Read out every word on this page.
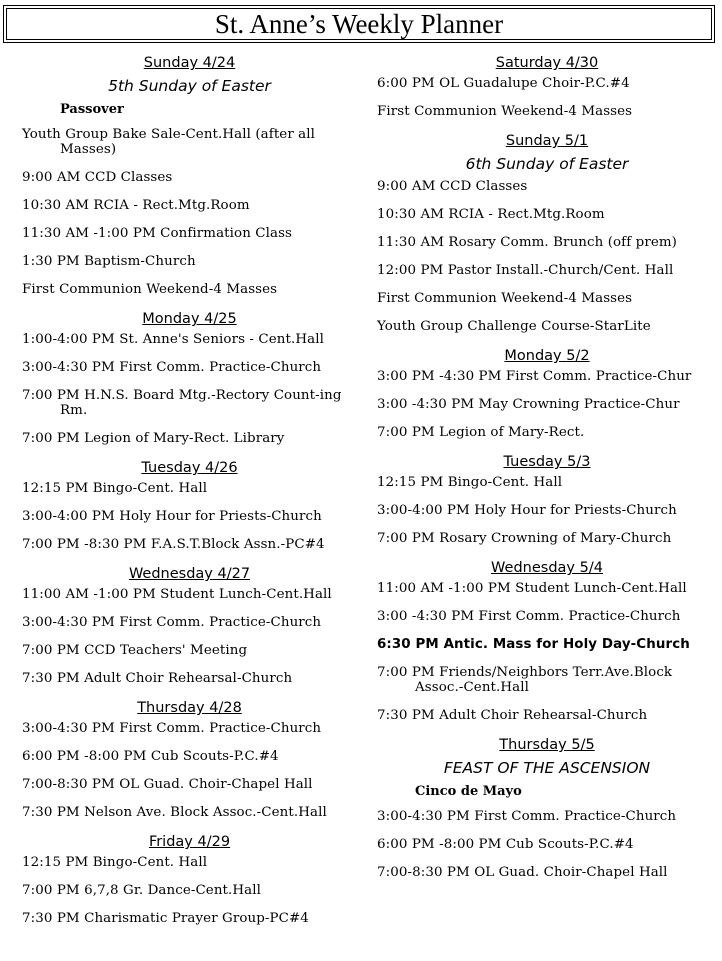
St. Anne’s Weekly Planner
Sunday 4/24
5th Sunday of Easter
Passover
Youth Group Bake Sale-Cent.Hall (after all Masses)
9:00 AM CCD Classes
10:30 AM RCIA - Rect.Mtg.Room
11:30 AM -1:00 PM Confirmation Class
1:30 PM Baptism-Church
First Communion Weekend-4 Masses
Monday 4/25
1:00-4:00 PM St. Anne's Seniors - Cent.Hall
3:00-4:30 PM First Comm. Practice-Church
7:00 PM H.N.S. Board Mtg.-Rectory Count-ing Rm.
7:00 PM Legion of Mary-Rect. Library
Tuesday 4/26
12:15 PM Bingo-Cent. Hall
3:00-4:00 PM Holy Hour for Priests-Church
7:00 PM -8:30 PM F.A.S.T.Block Assn.-PC#4
Wednesday 4/27
11:00 AM -1:00 PM Student Lunch-Cent.Hall
3:00-4:30 PM First Comm. Practice-Church
7:00 PM CCD Teachers' Meeting
7:30 PM Adult Choir Rehearsal-Church
Thursday 4/28
3:00-4:30 PM First Comm. Practice-Church
6:00 PM -8:00 PM Cub Scouts-P.C.#4
7:00-8:30 PM OL Guad. Choir-Chapel Hall
7:30 PM Nelson Ave. Block Assoc.-Cent.Hall
Friday 4/29
12:15 PM Bingo-Cent. Hall
7:00 PM 6,7,8 Gr. Dance-Cent.Hall
7:30 PM Charismatic Prayer Group-PC#4
Saturday 4/30
6:00 PM OL Guadalupe Choir-P.C.#4
First Communion Weekend-4 Masses
Sunday 5/1
6th Sunday of Easter
9:00 AM CCD Classes
10:30 AM RCIA - Rect.Mtg.Room
11:30 AM Rosary Comm. Brunch (off prem)
12:00 PM Pastor Install.-Church/Cent. Hall
First Communion Weekend-4 Masses
Youth Group Challenge Course-StarLite
Monday 5/2
3:00 PM -4:30 PM First Comm. Practice-Chur
3:00 -4:30 PM May Crowning Practice-Chur
7:00 PM Legion of Mary-Rect.
Tuesday 5/3
12:15 PM Bingo-Cent. Hall
3:00-4:00 PM Holy Hour for Priests-Church
7:00 PM Rosary Crowning of Mary-Church
Wednesday 5/4
11:00 AM -1:00 PM Student Lunch-Cent.Hall
3:00 -4:30 PM First Comm. Practice-Church
6:30 PM Antic. Mass for Holy Day-Church
7:00 PM Friends/Neighbors Terr.Ave.Block Assoc.-Cent.Hall
7:30 PM Adult Choir Rehearsal-Church
Thursday 5/5
FEAST OF THE ASCENSION
Cinco de Mayo
3:00-4:30 PM First Comm. Practice-Church
6:00 PM -8:00 PM Cub Scouts-P.C.#4
7:00-8:30 PM OL Guad. Choir-Chapel Hall
